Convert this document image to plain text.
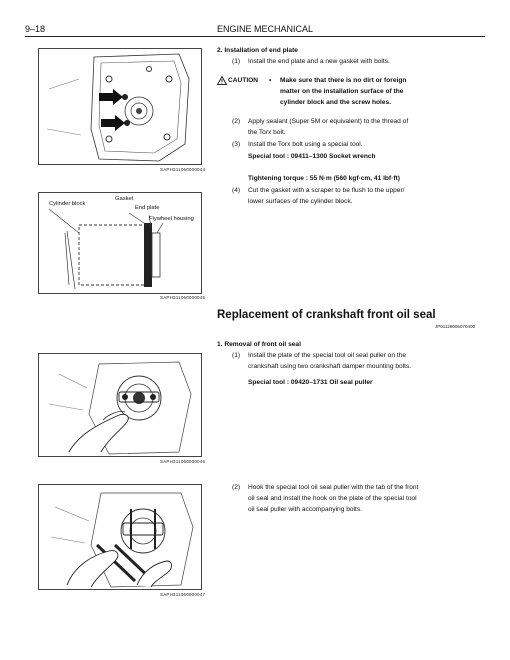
9–18	ENGINE MECHANICAL
SAPH311060000044
Cylinder block
Gasket
End plate
Flywheel housing
SAPH311060000045
2. Installation of end plate
(1) Install the end plate and a new gasket with bolts.
CAUTION • Make sure that there is no dirt or foreign
matter on the installation surface of the
cylinder block and the screw holes.
(2) Apply sealant (Super 5M or equivalent) to the thread of
the Torx bolt.
(3) Install the Torx bolt using a special tool.
Special tool : 09411–1300 Socket wrench
Tightening torque : 55 N·m (560 kgf·cm, 41 lbf·ft)
(4) Cut the gasket with a scraper to be flush to the upper/
lower surfaces of the cylinder block.
Replacement of crankshaft front oil seal
JP01128006070400
1. Removal of front oil seal
(1) Install the plate of the special tool oil seal puller on the
crankshaft using two crankshaft damper mounting bolts.
Special tool : 09420–1731 Oil seal puller
SAPH311060000046
(2) Hook the special tool oil seal puller with the tab of the front
oil seal and install the hook on the plate of the special tool
oil seal puller with accompanying bolts.
SAPH311060000047
